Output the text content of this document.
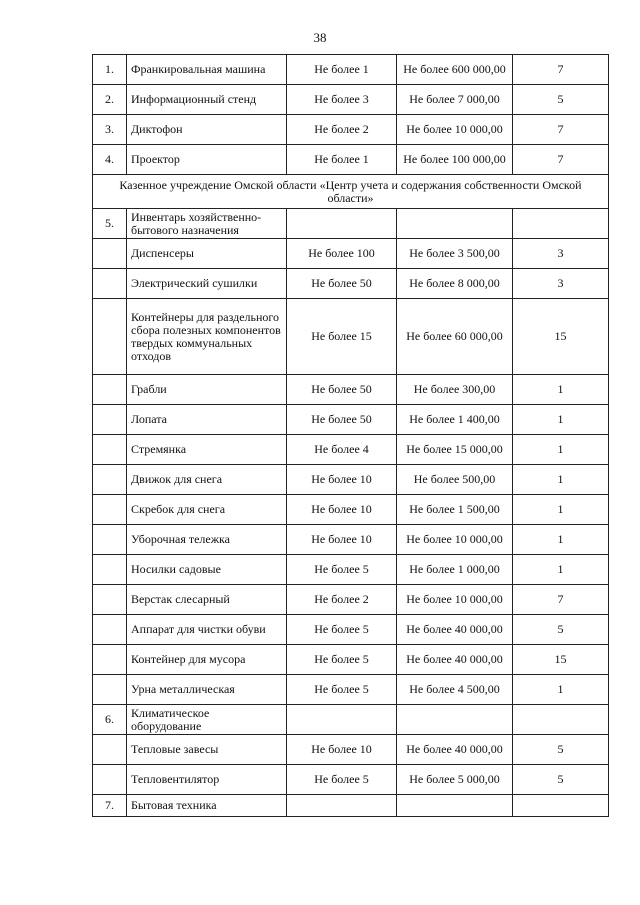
38
1.	Франкировальная машина	Не более 1	Не более 600 000,00	7
2.	Информационный стенд	Не более 3	Не более 7 000,00	5
3.	Диктофон	Не более 2	Не более 10 000,00	7
4.	Проектор	Не более 1	Не более 100 000,00	7
Казенное учреждение Омской области «Центр учета и содержания собственности Омской области»				
5.	Инвентарь хозяйственно-бытового назначения			
	Диспенсеры	Не более 100	Не более 3 500,00	3
	Электрический сушилки	Не более 50	Не более 8 000,00	3
	Контейнеры для раздельного сбора полезных компонентов твердых коммунальных отходов	Не более 15	Не более 60 000,00	15
	Грабли	Не более 50	Не более 300,00	1
	Лопата	Не более 50	Не более 1 400,00	1
	Стремянка	Не более 4	Не более 15 000,00	1
	Движок для снега	Не более 10	Не более 500,00	1
	Скребок для снега	Не более 10	Не более 1 500,00	1
	Уборочная тележка	Не более 10	Не более 10 000,00	1
	Носилки садовые	Не более 5	Не более 1 000,00	1
	Верстак слесарный	Не более 2	Не более 10 000,00	7
	Аппарат для чистки обуви	Не более 5	Не более 40 000,00	5
	Контейнер для мусора	Не более 5	Не более 40 000,00	15
	Урна металлическая	Не более 5	Не более 4 500,00	1
6.	Климатическое оборудование			
	Тепловые завесы	Не более 10	Не более 40 000,00	5
	Тепловентилятор	Не более 5	Не более 5 000,00	5
7.	Бытовая техника			
